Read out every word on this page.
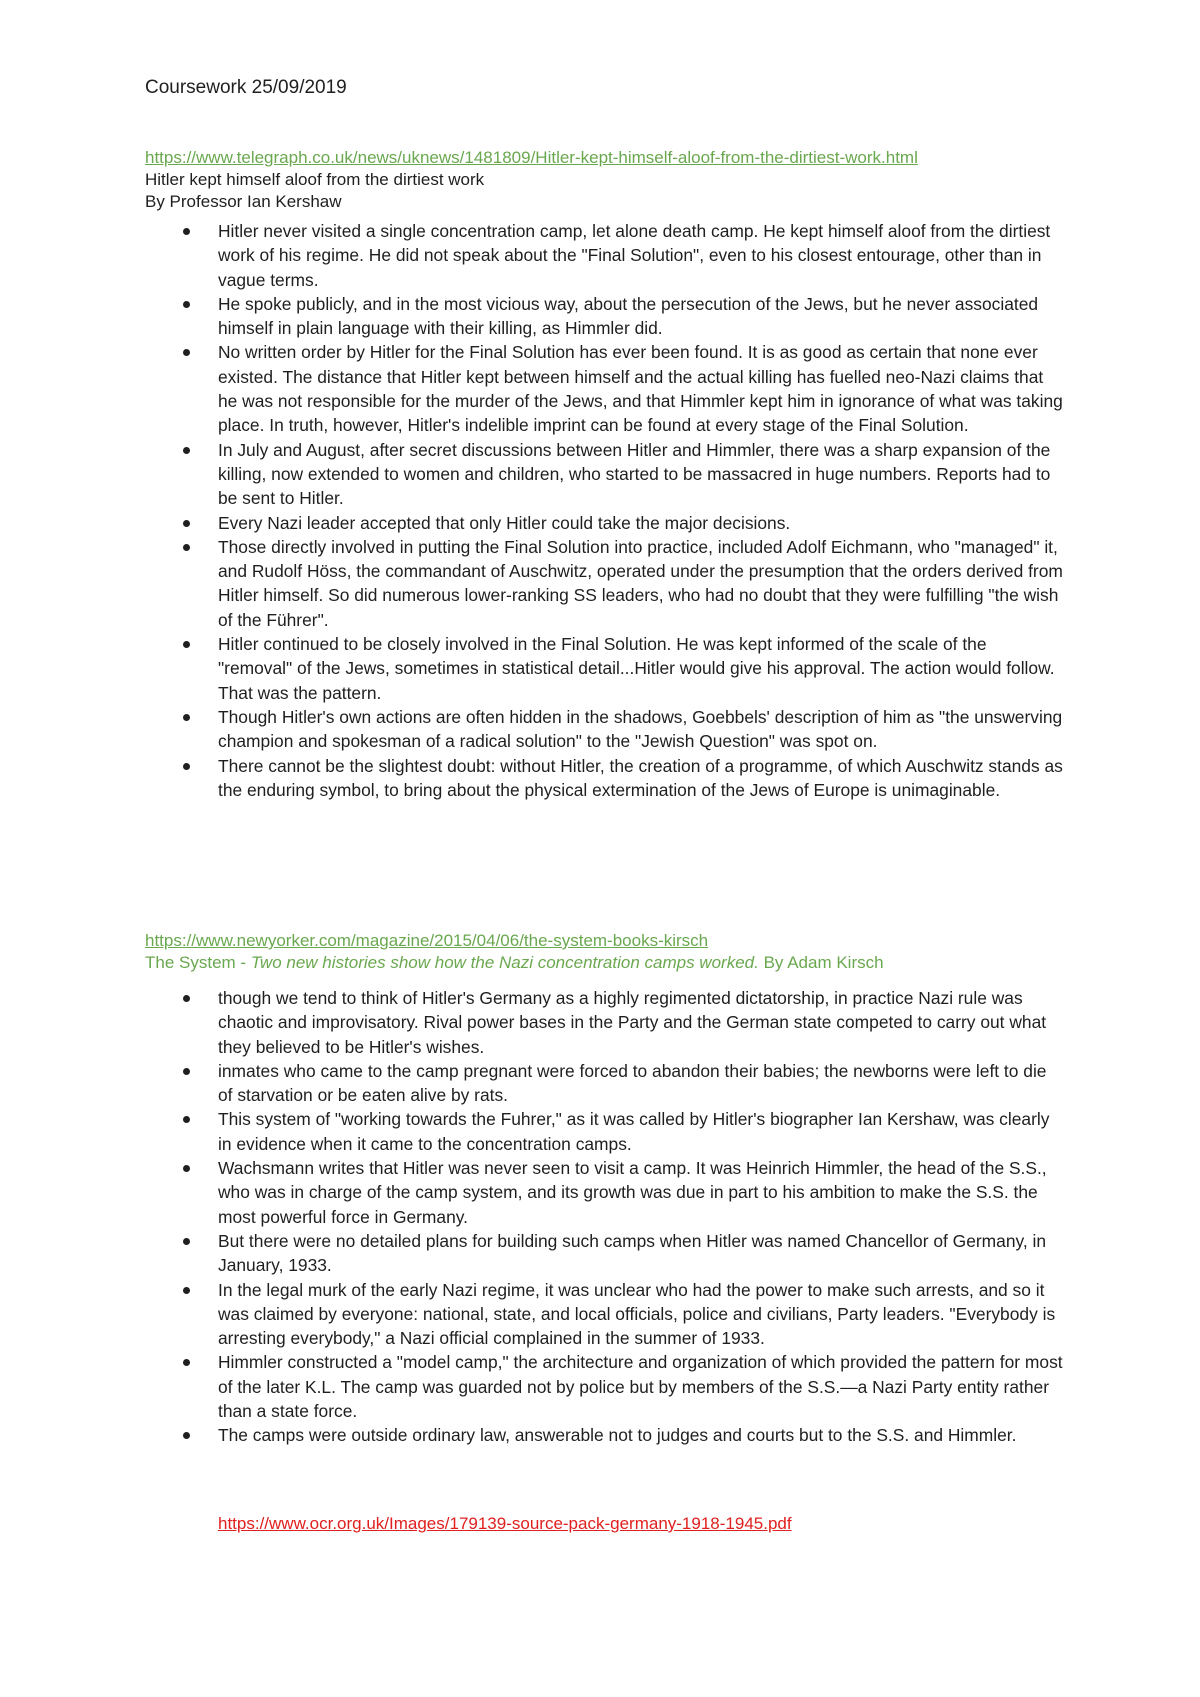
Coursework 25/09/2019
https://www.telegraph.co.uk/news/uknews/1481809/Hitler-kept-himself-aloof-from-the-dirtiest-work.html

Hitler kept himself aloof from the dirtiest work

By Professor Ian Kershaw

Hitler never visited a single concentration camp, let alone death camp. He kept himself aloof from the dirtiest work of his regime. He did not speak about the "Final Solution", even to his closest entourage, other than in vague terms.
He spoke publicly, and in the most vicious way, about the persecution of the Jews, but he never associated himself in plain language with their killing, as Himmler did.
No written order by Hitler for the Final Solution has ever been found. It is as good as certain that none ever existed. The distance that Hitler kept between himself and the actual killing has fuelled neo-Nazi claims that he was not responsible for the murder of the Jews, and that Himmler kept him in ignorance of what was taking place. In truth, however, Hitler's indelible imprint can be found at every stage of the Final Solution.
In July and August, after secret discussions between Hitler and Himmler, there was a sharp expansion of the killing, now extended to women and children, who started to be massacred in huge numbers. Reports had to be sent to Hitler.
Every Nazi leader accepted that only Hitler could take the major decisions.
Those directly involved in putting the Final Solution into practice, included Adolf Eichmann, who "managed" it, and Rudolf Höss, the commandant of Auschwitz, operated under the presumption that the orders derived from Hitler himself. So did numerous lower-ranking SS leaders, who had no doubt that they were fulfilling "the wish of the Führer".
Hitler continued to be closely involved in the Final Solution. He was kept informed of the scale of the "removal" of the Jews, sometimes in statistical detail...Hitler would give his approval. The action would follow. That was the pattern.
Though Hitler's own actions are often hidden in the shadows, Goebbels' description of him as "the unswerving champion and spokesman of a radical solution" to the "Jewish Question" was spot on.
There cannot be the slightest doubt: without Hitler, the creation of a programme, of which Auschwitz stands as the enduring symbol, to bring about the physical extermination of the Jews of Europe is unimaginable.
https://www.newyorker.com/magazine/2015/04/06/the-system-books-kirsch

The System - Two new histories show how the Nazi concentration camps worked. By Adam Kirsch

though we tend to think of Hitler's Germany as a highly regimented dictatorship, in practice Nazi rule was chaotic and improvisatory. Rival power bases in the Party and the German state competed to carry out what they believed to be Hitler's wishes.
inmates who came to the camp pregnant were forced to abandon their babies; the newborns were left to die of starvation or be eaten alive by rats.
This system of "working towards the Fuhrer," as it was called by Hitler's biographer Ian Kershaw, was clearly in evidence when it came to the concentration camps.
Wachsmann writes that Hitler was never seen to visit a camp. It was Heinrich Himmler, the head of the S.S., who was in charge of the camp system, and its growth was due in part to his ambition to make the S.S. the most powerful force in Germany.
But there were no detailed plans for building such camps when Hitler was named Chancellor of Germany, in January, 1933.
In the legal murk of the early Nazi regime, it was unclear who had the power to make such arrests, and so it was claimed by everyone: national, state, and local officials, police and civilians, Party leaders. "Everybody is arresting everybody," a Nazi official complained in the summer of 1933.
Himmler constructed a "model camp," the architecture and organization of which provided the pattern for most of the later K.L. The camp was guarded not by police but by members of the S.S.—a Nazi Party entity rather than a state force.
The camps were outside ordinary law, answerable not to judges and courts but to the S.S. and Himmler.
https://www.ocr.org.uk/Images/179139-source-pack-germany-1918-1945.pdf
